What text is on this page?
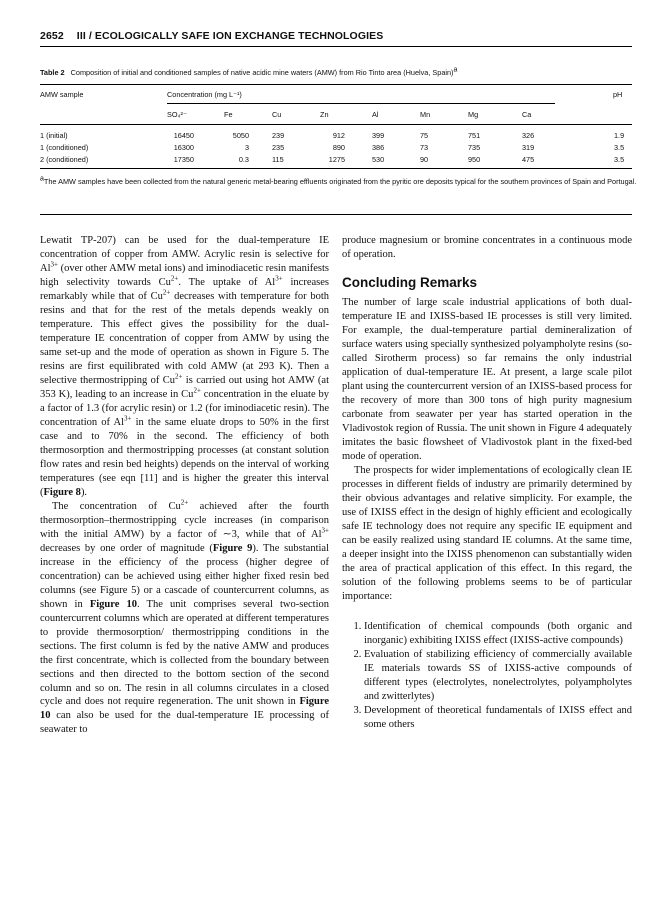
2652 III / ECOLOGICALLY SAFE ION EXCHANGE TECHNOLOGIES
Table 2 Composition of initial and conditioned samples of native acidic mine waters (AMW) from Rio Tinto area (Huelva, Spain)$^a$
AMW sample	Concentration (mg L⁻¹)	pH
SO₄²⁻	Fe	Cu	Zn	Al	Mn	Mg	Ca
1 (initial)	16450	5050	239	912	399	75	751	326	1.9
1 (conditioned)	16300	3	235	890	386	73	735	319	3.5
2 (conditioned)	17350	0.3	115	1275	530	90	950	475	3.5
$^a$The AMW samples have been collected from the natural generic metal-bearing effluents originated from the pyritic ore deposits typical for the southern provinces of Spain and Portugal.

Lewatit TP-207) can be used for the dual-temperature IE concentration of copper from AMW. Acrylic resin is selective for $Al^{3+}$ (over other AMW metal ions) and iminodiacetic resin manifests high selectivity towards $Cu^{2+}$. The uptake of $Al^{3+}$ increases remarkably while that of $Cu^{2+}$ decreases with temperature for both resins and that for the rest of the metals depends weakly on temperature. This effect gives the possibility for the dual-temperature IE concentration of copper from AMW by using the same set-up and the mode of operation as shown in Figure 5. The resins are first equilibrated with cold AMW (at 293 K). Then a selective thermostripping of $Cu^{2+}$ is carried out using hot AMW (at 353 K), leading to an increase in $Cu^{2+}$ concentration in the eluate by a factor of 1.3 (for acrylic resin) or 1.2 (for iminodiacetic resin). The concentration of $Al^{3+}$ in the same eluate drops to 50% in the first case and to 70% in the second. The efficiency of both thermosorption and thermostripping processes (at constant solution flow rates and resin bed heights) depends on the interval of working temperatures (see eqn [11] and is higher the greater this interval (Figure 8).

The concentration of $Cu^{2+}$ achieved after the fourth thermosorption–thermostripping cycle increases (in comparison with the initial AMW) by a factor of ∼3, while that of $Al^{3+}$ decreases by one order of magnitude (Figure 9). The substantial increase in the efficiency of the process (higher degree of concentration) can be achieved using either higher fixed resin bed columns (see Figure 5) or a cascade of countercurrent columns, as shown in Figure 10. The unit comprises several two-section countercurrent columns which are operated at different temperatures to provide thermosorption/ thermostripping conditions in the sections. The first column is fed by the native AMW and produces the first concentrate, which is collected from the boundary between sections and then directed to the bottom section of the second column and so on. The resin in all columns circulates in a closed cycle and does not require regeneration. The unit shown in Figure 10 can also be used for the dual-temperature IE processing of seawater to

produce magnesium or bromine concentrates in a continuous mode of operation.

Concluding Remarks

The number of large scale industrial applications of both dual-temperature IE and IXISS-based IE processes is still very limited. For example, the dual-temperature partial demineralization of surface waters using specially synthesized polyampholyte resins (so-called Sirotherm process) so far remains the only industrial application of dual-temperature IE. At present, a large scale pilot plant using the countercurrent version of an IXISS-based process for the recovery of more than 300 tons of high purity magnesium carbonate from seawater per year has started operation in the Vladivostok region of Russia. The unit shown in Figure 4 adequately imitates the basic flowsheet of Vladivostok plant in the fixed-bed mode of operation.

The prospects for wider implementations of ecologically clean IE processes in different fields of industry are primarily determined by their obvious advantages and relative simplicity. For example, the use of IXISS effect in the design of highly efficient and ecologically safe IE technology does not require any specific IE equipment and can be easily realized using standard IE columns. At the same time, a deeper insight into the IXISS phenomenon can substantially widen the area of practical application of this effect. In this regard, the solution of the following problems seems to be of particular importance:

1. Identification of chemical compounds (both organic and inorganic) exhibiting IXISS effect (IXISS-active compounds)
2. Evaluation of stabilizing efficiency of commercially available IE materials towards SS of IXISS-active compounds of different types (electrolytes, nonelectrolytes, polyampholytes and zwitterlytes)
3. Development of theoretical fundamentals of IXISS effect and some others
